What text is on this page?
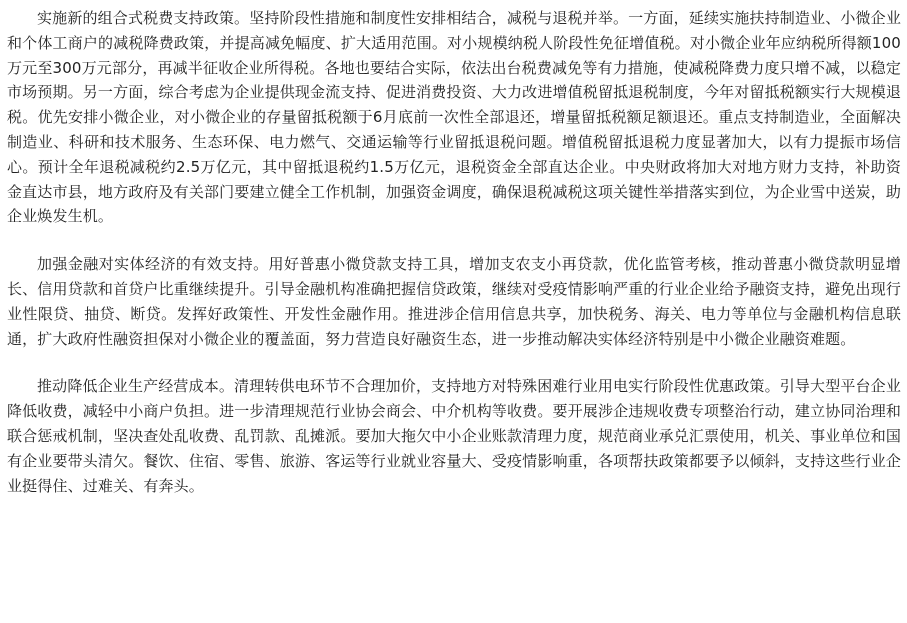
实施新的组合式税费支持政策。坚持阶段性措施和制度性安排相结合，减税与退税并举。一方面，延续实施扶持制造业、小微企业和个体工商户的减税降费政策，并提高减免幅度、扩大适用范围。对小规模纳税人阶段性免征增值税。对小微企业年应纳税所得额100万元至300万元部分，再减半征收企业所得税。各地也要结合实际，依法出台税费减免等有力措施，使减税降费力度只增不减，以稳定市场预期。另一方面，综合考虑为企业提供现金流支持、促进消费投资、大力改进增值税留抵退税制度，今年对留抵税额实行大规模退税。优先安排小微企业，对小微企业的存量留抵税额于6月底前一次性全部退还，增量留抵税额足额退还。重点支持制造业，全面解决制造业、科研和技术服务、生态环保、电力燃气、交通运输等行业留抵退税问题。增值税留抵退税力度显著加大，以有力提振市场信心。预计全年退税减税约2.5万亿元，其中留抵退税约1.5万亿元，退税资金全部直达企业。中央财政将加大对地方财力支持，补助资金直达市县，地方政府及有关部门要建立健全工作机制，加强资金调度，确保退税减税这项关键性举措落实到位，为企业雪中送炭，助企业焕发生机。

加强金融对实体经济的有效支持。用好普惠小微贷款支持工具，增加支农支小再贷款，优化监管考核，推动普惠小微贷款明显增长、信用贷款和首贷户比重继续提升。引导金融机构准确把握信贷政策，继续对受疫情影响严重的行业企业给予融资支持，避免出现行业性限贷、抽贷、断贷。发挥好政策性、开发性金融作用。推进涉企信用信息共享，加快税务、海关、电力等单位与金融机构信息联通，扩大政府性融资担保对小微企业的覆盖面，努力营造良好融资生态，进一步推动解决实体经济特别是中小微企业融资难题。

推动降低企业生产经营成本。清理转供电环节不合理加价，支持地方对特殊困难行业用电实行阶段性优惠政策。引导大型平台企业降低收费，减轻中小商户负担。进一步清理规范行业协会商会、中介机构等收费。要开展涉企违规收费专项整治行动，建立协同治理和联合惩戒机制，坚决查处乱收费、乱罚款、乱摊派。要加大拖欠中小企业账款清理力度，规范商业承兑汇票使用，机关、事业单位和国有企业要带头清欠。餐饮、住宿、零售、旅游、客运等行业就业容量大、受疫情影响重，各项帮扶政策都要予以倾斜，支持这些行业企业挺得住、过难关、有奔头。
